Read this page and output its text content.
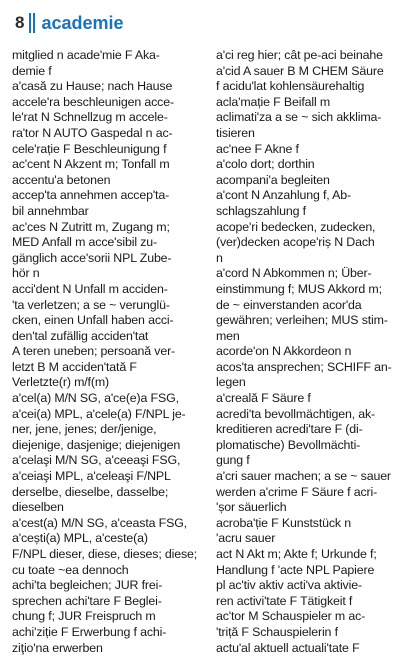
8 academie
mitglied n acade'mie F Aka-
demie f
a'casă zu Hause; nach Hause
accele'ra beschleunigen acce-
le'rat N Schnellzug m accele-
ra'tor N AUTO Gaspedal n ac-
cele'rație F Beschleunigung f
ac'cent N Akzent m; Tonfall m
accentu'a betonen
accep'ta annehmen accep'ta-
bil annehmbar
ac'ces N Zutritt m, Zugang m;
MED Anfall m acce'sibil zu-
gänglich acce'sorii NPL Zube-
hör n
acci'dent N Unfall m acciden-
'ta verletzen; a se ~ verunglü-
cken, einen Unfall haben acci-
den'tal zufällig acciden'tat
A teren uneben; persoană ver-
letzt B M acciden'tată F
Verletzte(r) m/f(m)
a'cel(a) M/N SG, a'ce(e)a FSG,
a'cei(a) MPL, a'cele(a) F/NPL je-
ner, jene, jenes; der/jenige,
diejenige, dasjenige; diejenigen
a'celaşi M/N SG, a'ceeaşi FSG,
a'ceiaşi MPL, a'celeaşi F/NPL
derselbe, dieselbe, dasselbe;
dieselben
a'cest(a) M/N SG, a'ceasta FSG,
a'cești(a) MPL, a'ceste(a)
F/NPL dieser, diese, dieses; diese;
cu toate ~ea dennoch
achi'ta begleichen; JUR frei-
sprechen achi'tare F Beglei-
chung f; JUR Freispruch m
achi'ziție F Erwerbung f achi-
ziţio'na erwerben
a'ci reg hier; cât pe-aci beinahe
a'cid A sauer B M CHEM Säure
f acidu'lat kohlensäurehaltig
acla'mație F Beifall m
aclimati'za a se ~ sich akklima-
tisieren
ac'nee F Akne f
a'colo dort; dorthin
acompani'a begleiten
a'cont N Anzahlung f, Ab-
schlagszahlung f
acope'ri bedecken, zudecken,
(ver)decken acope'riș N Dach
n
a'cord N Abkommen n; Über-
einstimmung f; MUS Akkord m;
de ~ einverstanden acor'da
gewähren; verleihen; MUS stim-
men
acorde'on N Akkordeon n
acos'ta ansprechen; SCHIFF an-
legen
a'creală F Säure f
acredi'ta bevollmächtigen, ak-
kreditieren acredi'tare F (di-
plomatische) Bevollmächti-
gung f
a'cri sauer machen; a se ~ sauer
werden a'crime F Säure f acri-
'șor säuerlich
acroba'ție F Kunststück n
'acru sauer
act N Akt m; Akte f; Urkunde f;
Handlung f 'acte NPL Papiere
pl ac'tiv aktiv acti'va aktivie-
ren activi'tate F Tätigkeit f
ac'tor M Schauspieler m ac-
'triță F Schauspielerin f
actu'al aktuell actuali'tate F
